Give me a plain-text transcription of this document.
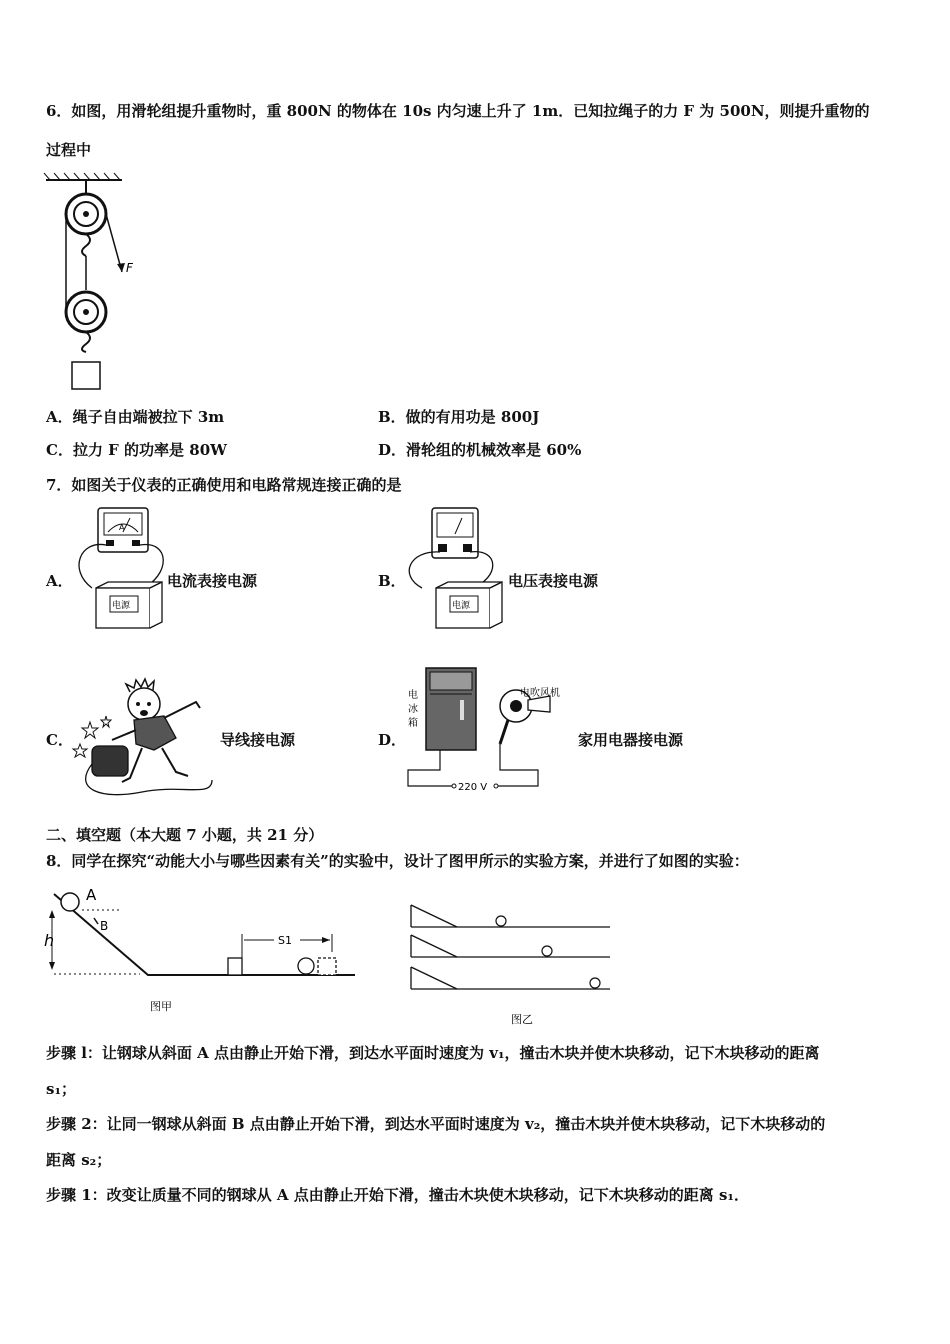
6．如图，用滑轮组提升重物时，重 800N 的物体在 10s 内匀速上升了 1m．已知拉绳子的力 F 为 500N，则提升重物的
过程中
F
A．绳子自由端被拉下 3m	B．做的有用功是 800J
C．拉力 F 的功率是 80W	D．滑轮组的机械效率是 60%
7．如图关于仪表的正确使用和电路常规连接正确的是
A．
A
电源
电流表接电源	B．
电源
电压表接电源
C．	导线接电源	D．
电
冰
箱
电吹风机
220 V
家用电器接电源
二、填空题（本大题 7 小题，共 21 分）
8．同学在探究“动能大小与哪些因素有关”的实验中，设计了图甲所示的实验方案，并进行了如图的实验：
A
B
h	S1
图甲
图乙
步骤 l：让钢球从斜面 A 点由静止开始下滑，到达水平面时速度为 v₁，撞击木块并使木块移动，记下木块移动的距离
s₁；
步骤 2：让同一钢球从斜面 B 点由静止开始下滑，到达水平面时速度为 v₂，撞击木块并使木块移动，记下木块移动的
距离 s₂；
步骤 1：改变让质量不同的钢球从 A 点由静止开始下滑，撞击木块使木块移动，记下木块移动的距离 s₁．
